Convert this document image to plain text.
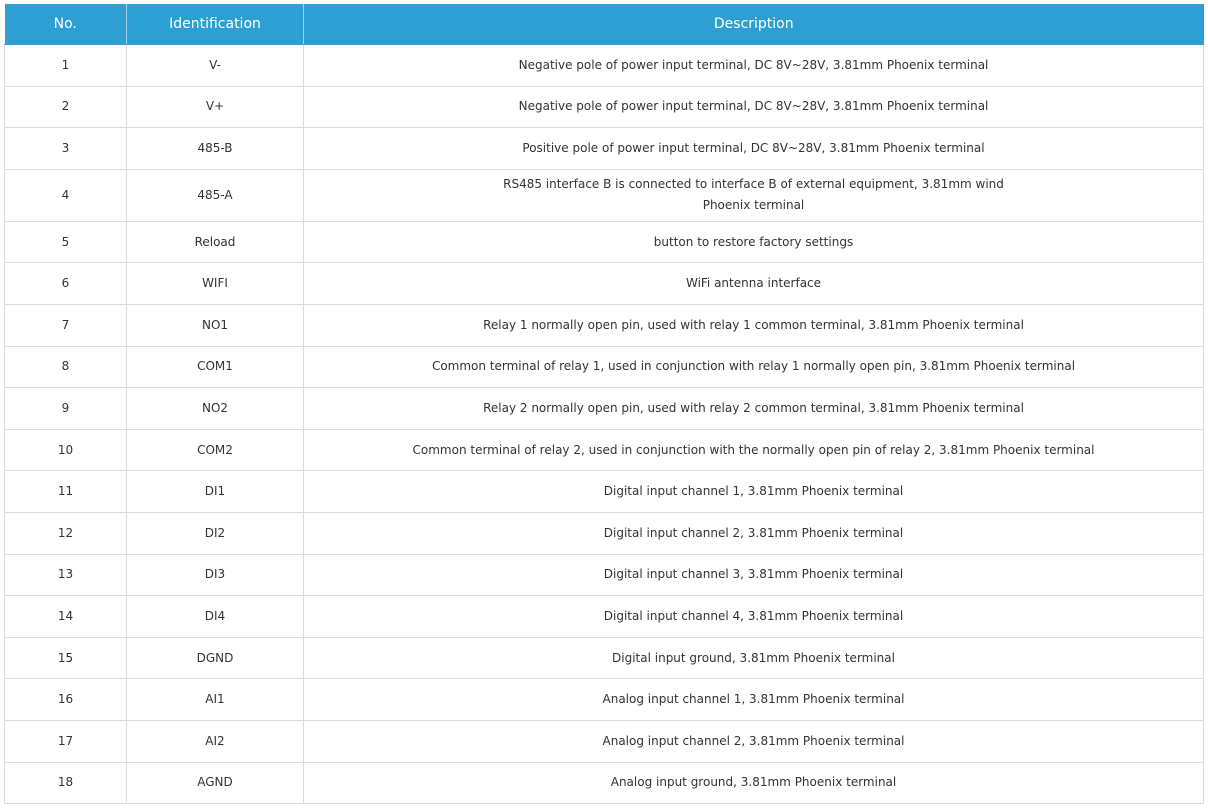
No.	Identification	Description
1	V-	Negative pole of power input terminal, DC 8V~28V, 3.81mm Phoenix terminal
2	V+	Negative pole of power input terminal, DC 8V~28V, 3.81mm Phoenix terminal
3	485-B	Positive pole of power input terminal, DC 8V~28V, 3.81mm Phoenix terminal
4	485-A	RS485 interface B is connected to interface B of external equipment, 3.81mm wind
Phoenix terminal

5	Reload	button to restore factory settings
6	WIFI	WiFi antenna interface
7	NO1	Relay 1 normally open pin, used with relay 1 common terminal, 3.81mm Phoenix terminal
8	COM1	Common terminal of relay 1, used in conjunction with relay 1 normally open pin, 3.81mm Phoenix terminal
9	NO2	Relay 2 normally open pin, used with relay 2 common terminal, 3.81mm Phoenix terminal
10	COM2	Common terminal of relay 2, used in conjunction with the normally open pin of relay 2, 3.81mm Phoenix terminal
11	DI1	Digital input channel 1, 3.81mm Phoenix terminal
12	DI2	Digital input channel 2, 3.81mm Phoenix terminal
13	DI3	Digital input channel 3, 3.81mm Phoenix terminal
14	DI4	Digital input channel 4, 3.81mm Phoenix terminal
15	DGND	Digital input ground, 3.81mm Phoenix terminal
16	AI1	Analog input channel 1, 3.81mm Phoenix terminal
17	AI2	Analog input channel 2, 3.81mm Phoenix terminal
18	AGND	Analog input ground, 3.81mm Phoenix terminal
